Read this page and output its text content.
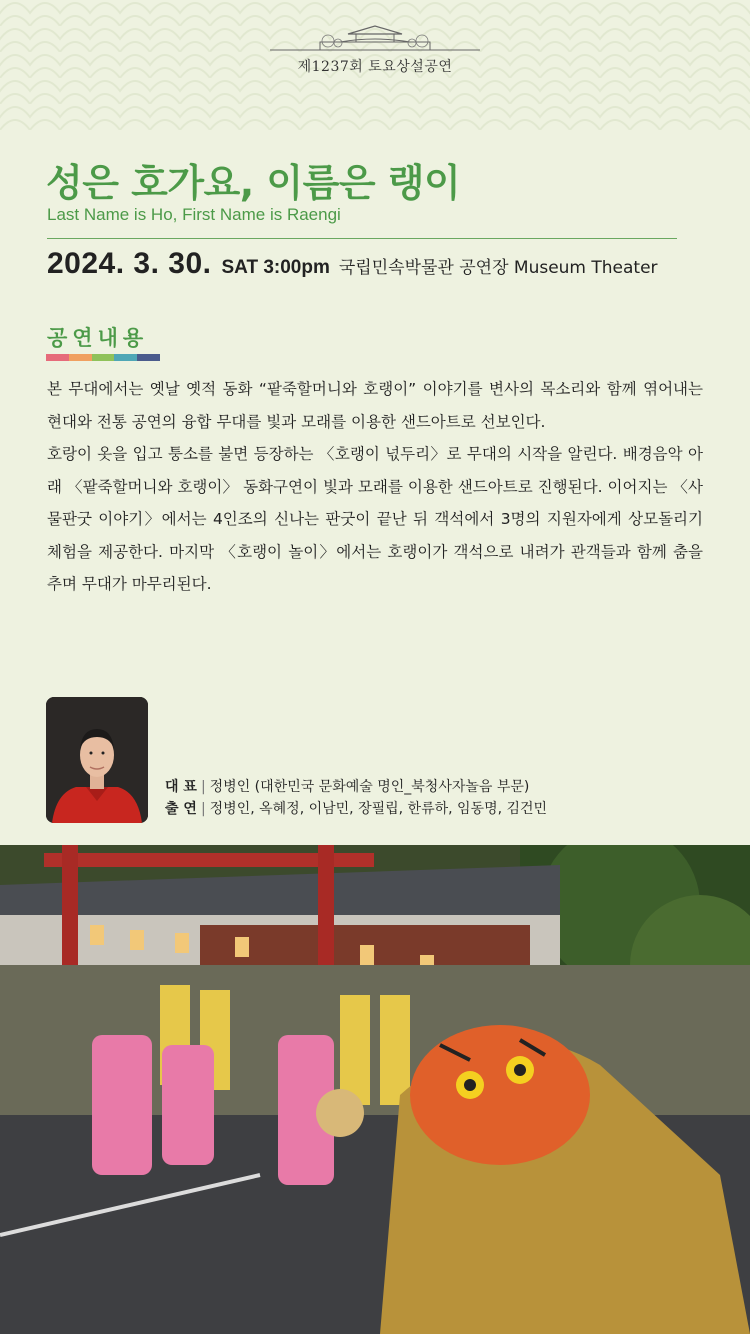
제1237회 토요상설공연
성은 호가요, 이름은 랭이
Last Name is Ho, First Name is Raengi
2024. 3. 30. SAT 3:00pm 국립민속박물관 공연장 Museum Theater
공연내용

본 무대에서는 옛날 옛적 동화 “팥죽할머니와 호랭이” 이야기를 변사의 목소리와 함께 엮어내는 현대와 전통 공연의 융합 무대를 빛과 모래를 이용한 샌드아트로 선보인다.

호랑이 옷을 입고 퉁소를 불면 등장하는 〈호랭이 넋두리〉로 무대의 시작을 알린다. 배경음악 아래 〈팥죽할머니와 호랭이〉 동화구연이 빛과 모래를 이용한 샌드아트로 진행된다. 이어지는 〈사물판굿 이야기〉에서는 4인조의 신나는 판굿이 끝난 뒤 객석에서 3명의 지원자에게 상모돌리기 체험을 제공한다. 마지막 〈호랭이 놀이〉에서는 호랭이가 객석으로 내려가 관객들과 함께 춤을 추며 무대가 마무리된다.

대 표 | 정병인 (대한민국 문화예술 명인_북청사자놀음 부문)
출 연 | 정병인, 옥혜정, 이남민, 장필립, 한류하, 임동명, 김건민
